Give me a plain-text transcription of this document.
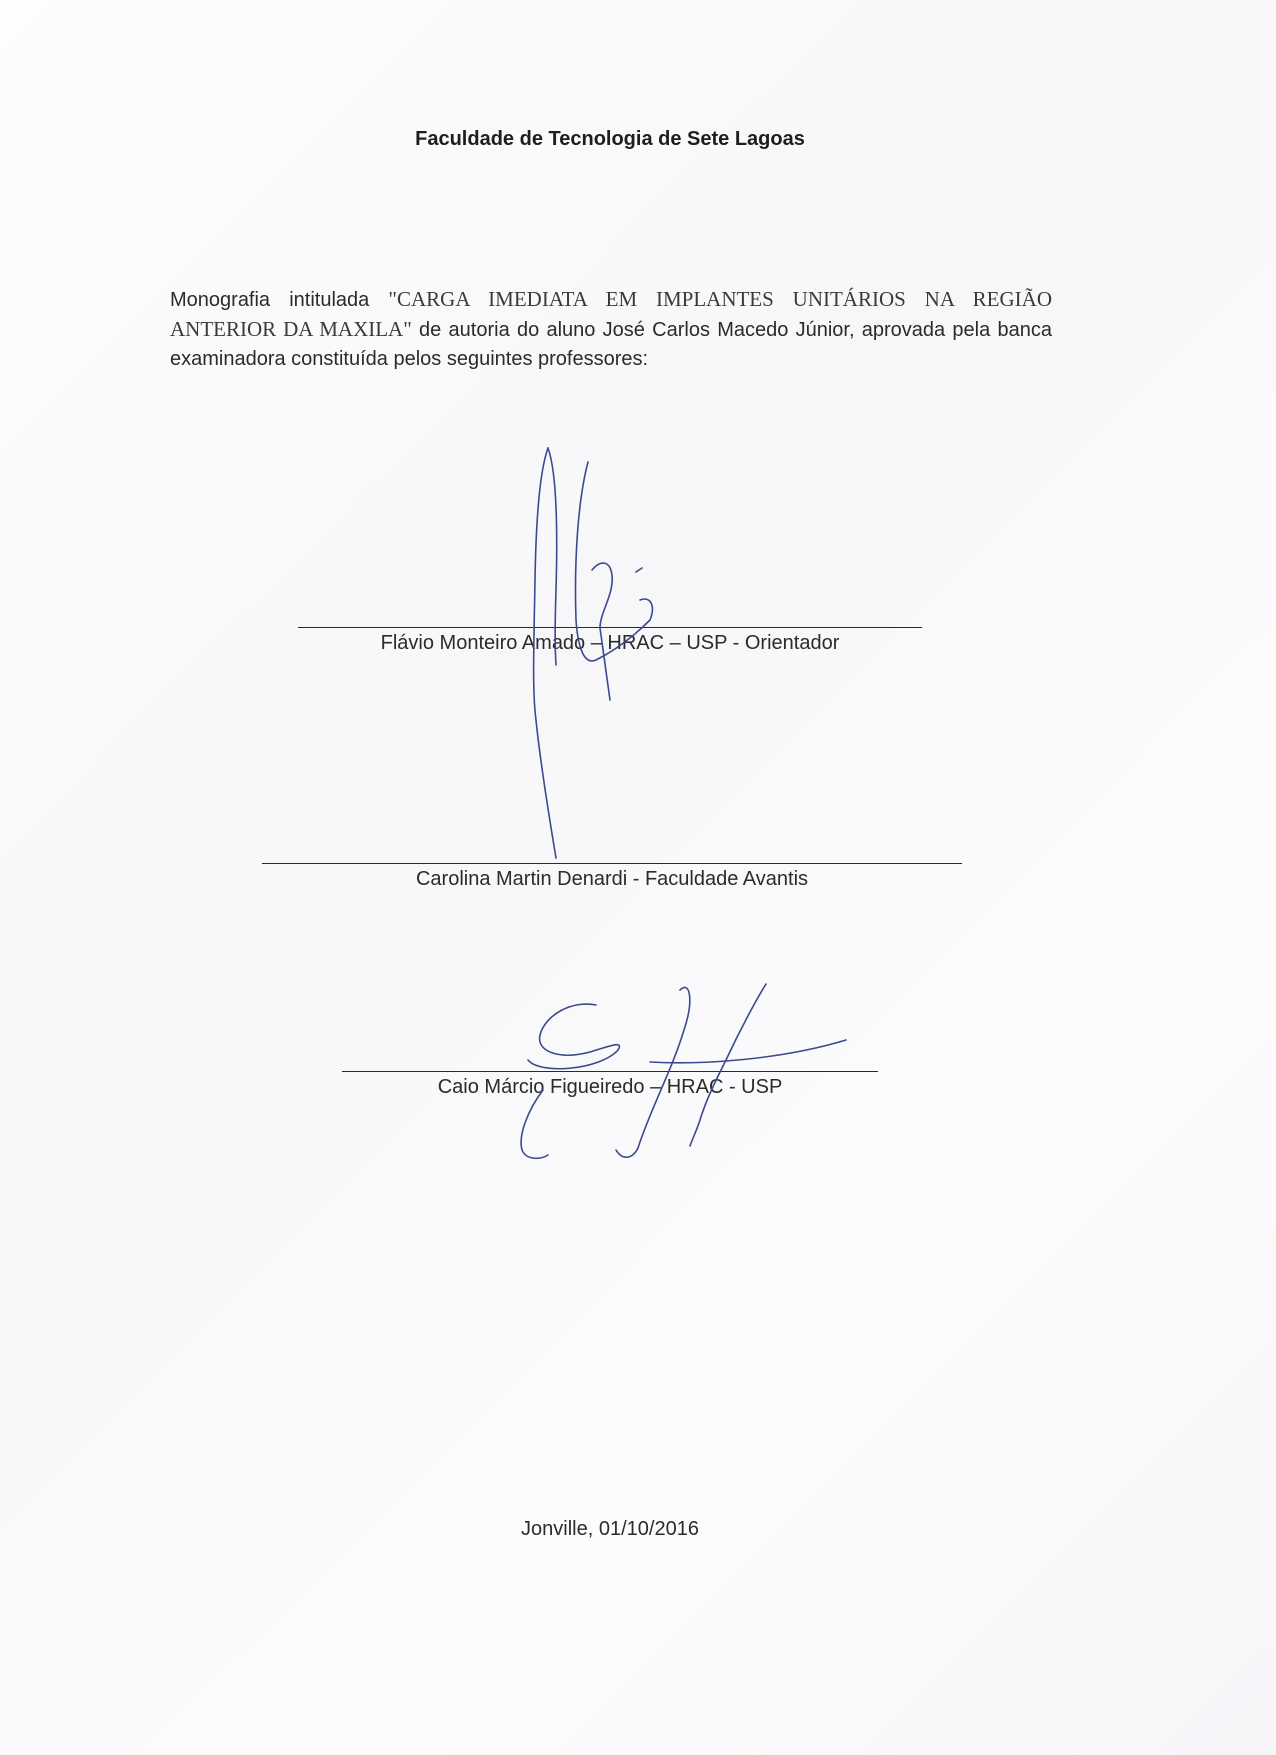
Faculdade de Tecnologia de Sete Lagoas
Monografia intitulada "CARGA IMEDIATA EM IMPLANTES UNITÁRIOS NA REGIÃO ANTERIOR DA MAXILA" de autoria do aluno José Carlos Macedo Júnior, aprovada pela banca examinadora constituída pelos seguintes professores:
Flávio Monteiro Amado – HRAC – USP - Orientador
Carolina Martin Denardi - Faculdade Avantis
Caio Márcio Figueiredo – HRAC - USP
Jonville, 01/10/2016
